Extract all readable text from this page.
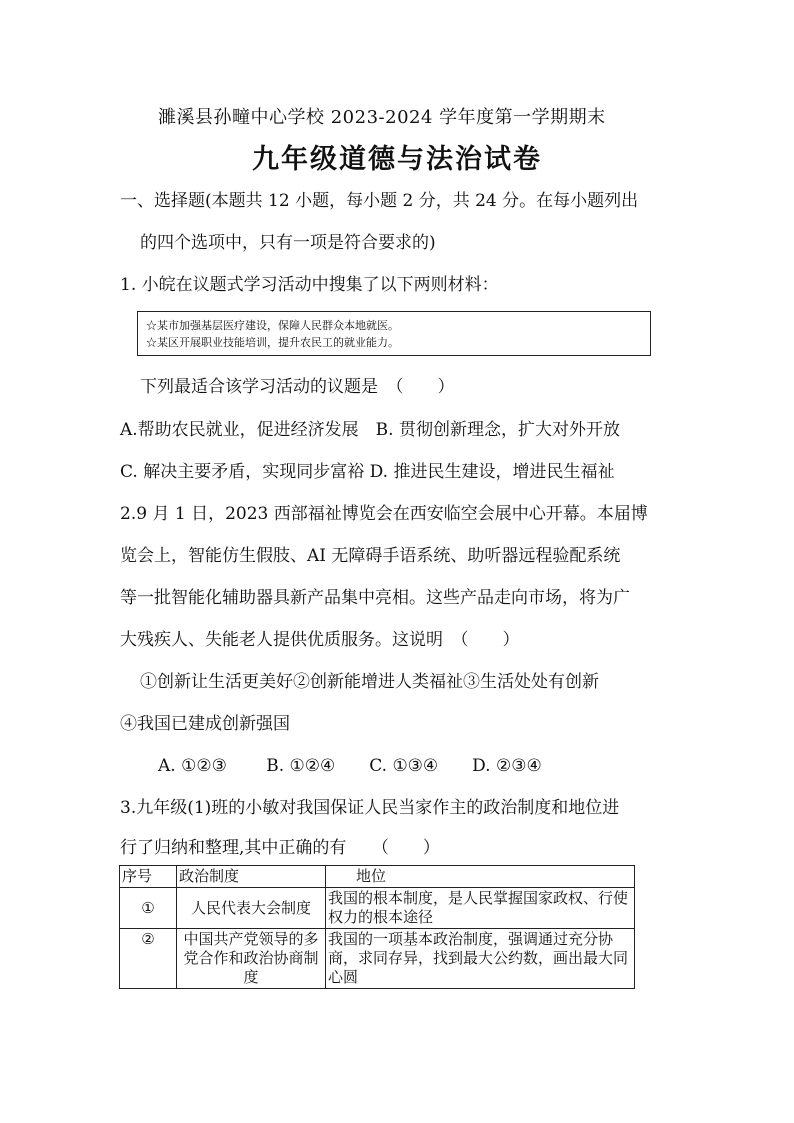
濉溪县孙疃中心学校 2023-2024 学年度第一学期期末
九年级道德与法治试卷
一、选择题(本题共 12 小题，每小题 2 分，共 24 分。在每小题列出
的四个选项中，只有一项是符合要求的)
1. 小皖在议题式学习活动中搜集了以下两则材料：
☆某市加强基层医疗建设，保障人民群众本地就医。
☆某区开展职业技能培训，提升农民工的就业能力。
下列最适合该学习活动的议题是　（　　）
A.帮助农民就业，促进经济发展　B. 贯彻创新理念，扩大对外开放
C. 解决主要矛盾，实现同步富裕 D. 推进民生建设，增进民生福祉
2.9 月 1 日，2023 西部福祉博览会在西安临空会展中心开幕。本届博
览会上，智能仿生假肢、AI 无障碍手语系统、助听器远程验配系统
等一批智能化辅助器具新产品集中亮相。这些产品走向市场，将为广
大残疾人、失能老人提供优质服务。这说明　（　　）
①创新让生活更美好②创新能增进人类福祉③生活处处有创新
④我国已建成创新强国
A. ①②③　　 B. ①②④　　C. ①③④　　D. ②③④
3.九年级(1)班的小敏对我国保证人民当家作主的政治制度和地位进
行了归纳和整理,其中正确的有　　（　　）
序号	政治制度	地位
①	人民代表大会制度	我国的根本制度，是人民掌握国家政权、行使权力的根本途径
②	中国共产党领导的多党合作和政治协商制度	我国的一项基本政治制度，强调通过充分协商，求同存异，找到最大公约数，画出最大同心圆
